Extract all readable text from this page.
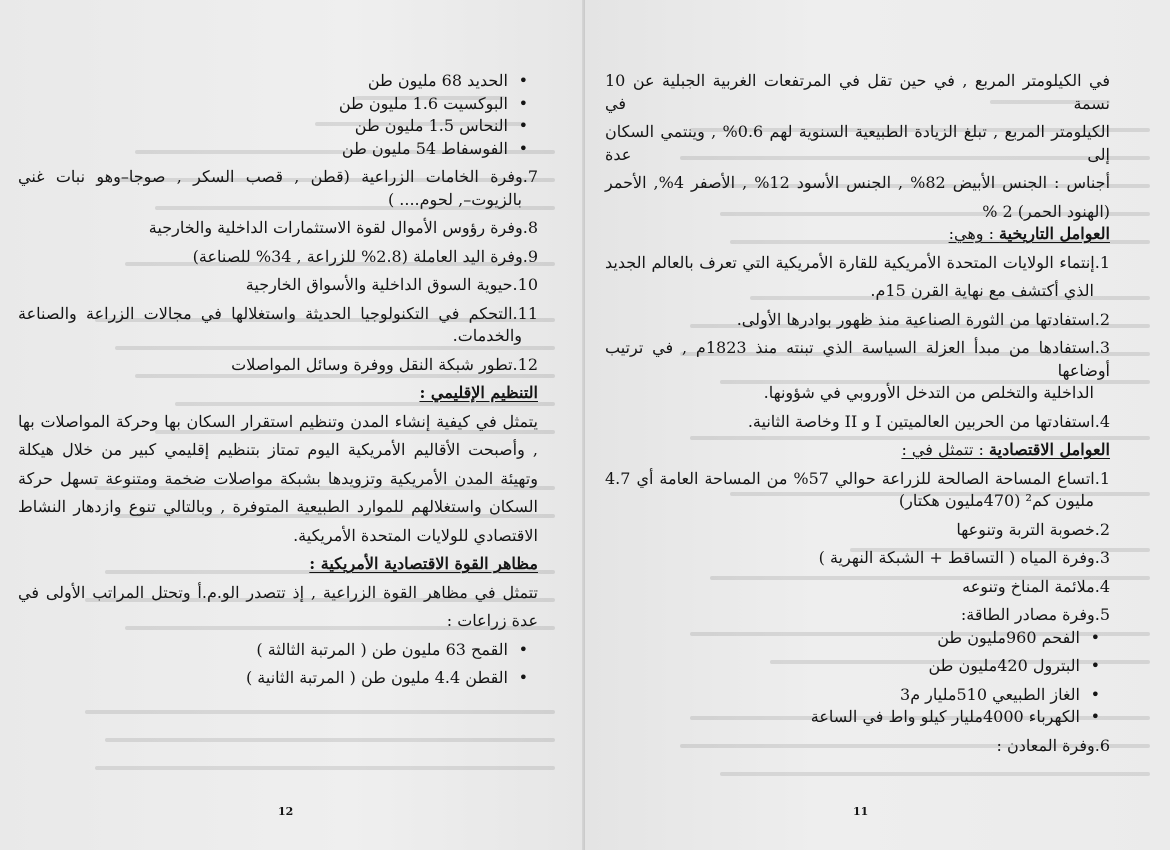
• الحديد 68 مليون طن

• البوكسيت 1.6 مليون طن

• النحاس 1.5 مليون طن

• الفوسفاط 54 مليون طن

7.وفرة الخامات الزراعية (قطن , قصب السكر , صوجا–وهو نبات غني

بالزيوت–, لحوم.... )

8.وفرة رؤوس الأموال لقوة الاستثمارات الداخلية والخارجية

9.وفرة اليد العاملة (2.8% للزراعة , 34% للصناعة)

10.حيوية السوق الداخلية والأسواق الخارجية

11.التحكم في التكنولوجيا الحديثة واستغلالها في مجالات الزراعة والصناعة

والخدمات.

12.تطور شبكة النقل ووفرة وسائل المواصلات

التنظيم الإقليمي :

يتمثل في كيفية إنشاء المدن وتنظيم استقرار السكان بها وحركة المواصلات بها

, وأصبحت الأقاليم الأمريكية اليوم تمتاز بتنظيم إقليمي كبير من خلال هيكلة

وتهيئة المدن الأمريكية وتزويدها بشبكة مواصلات ضخمة ومتنوعة تسهل حركة

السكان واستغلالهم للموارد الطبيعية المتوفرة , وبالتالي تنوع وازدهار النشاط

الاقتصادي للولايات المتحدة الأمريكية.

مظاهر القوة الاقتصادية الأمريكية :

تتمثل في مظاهر القوة الزراعية , إذ تتصدر الو.م.أ وتحتل المراتب الأولى في

عدة زراعات :

• القمح 63 مليون طن ( المرتبة الثالثة )

• القطن 4.4 مليون طن ( المرتبة الثانية )

12

في الكيلومتر المربع , في حين تقل في المرتفعات الغربية الجبلية عن 10 نسمة في

الكيلومتر المربع , تبلغ الزيادة الطبيعية السنوية لهم 0.6% , وينتمي السكان إلى عدة

أجناس : الجنس الأبيض 82% , الجنس الأسود 12% , الأصفر 4%, الأحمر

(الهنود الحمر) 2 %

العوامل التاريخية : وهي:

1.إنتماء الولايات المتحدة الأمريكية للقارة الأمريكية التي تعرف بالعالم الجديد

الذي أكتشف مع نهاية القرن 15م.

2.استفادتها من الثورة الصناعية منذ ظهور بوادرها الأولى.

3.استفادها من مبدأ العزلة السياسة الذي تبنته منذ 1823م , في ترتيب أوضاعها

الداخلية والتخلص من التدخل الأوروبي في شؤونها.

4.استفادتها من الحربين العالميتين I و II وخاصة الثانية.

العوامل الاقتصادية : تتمثل في :

1.اتساع المساحة الصالحة للزراعة حوالي 57% من المساحة العامة أي 4.7

مليون كم² (470مليون هكتار)

2.خصوبة التربة وتنوعها

3.وفرة المياه ( التساقط + الشبكة النهرية )

4.ملائمة المناخ وتنوعه

5.وفرة مصادر الطاقة:

• الفحم 960مليون طن

• البترول 420مليون طن

• الغاز الطبيعي 510مليار م3

• الكهرباء 4000مليار كيلو واط في الساعة

6.وفرة المعادن :

11
